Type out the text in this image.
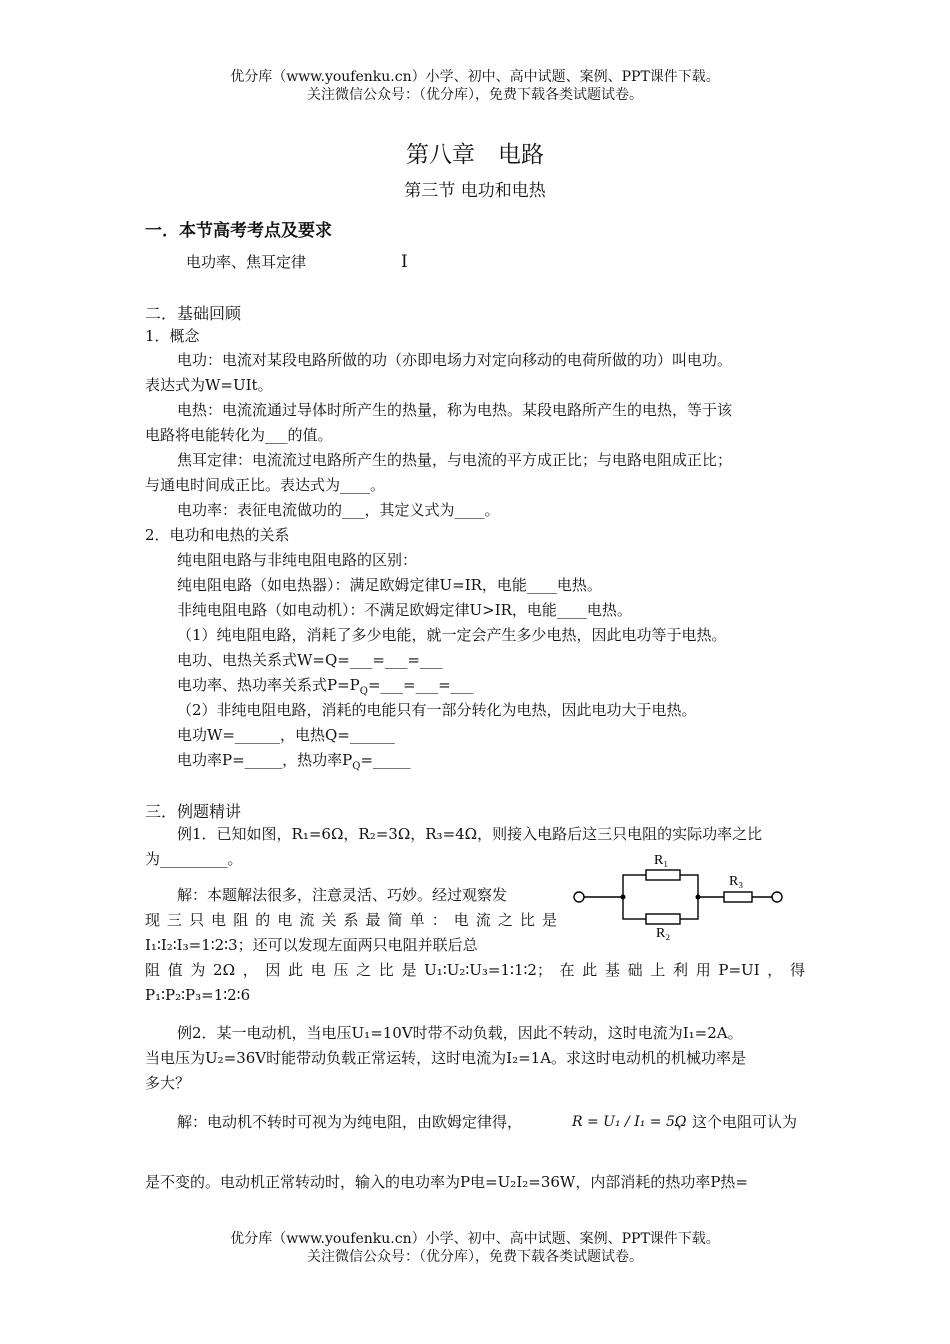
优分库（www.youfenku.cn）小学、初中、高中试题、案例、PPT课件下载。
关注微信公众号：（优分库），免费下载各类试题试卷。
第八章　电路
第三节 电功和电热
一．本节高考考点及要求
电功率、焦耳定律	Ⅰ
二．基础回顾
1．概念
电功：电流对某段电路所做的功（亦即电场力对定向移动的电荷所做的功）叫电功。
表达式为W=UIt。
电热：电流流通过导体时所产生的热量，称为电热。某段电路所产生的电热，等于该
电路将电能转化为___的值。
焦耳定律：电流流过电路所产生的热量，与电流的平方成正比；与电路电阻成正比；
与通电时间成正比。表达式为____。
电功率：表征电流做功的___，其定义式为____。
2．电功和电热的关系
纯电阻电路与非纯电阻电路的区别：
纯电阻电路（如电热器）：满足欧姆定律U=IR，电能____电热。
非纯电阻电路（如电动机）：不满足欧姆定律U>IR，电能____电热。
（1）纯电阻电路，消耗了多少电能，就一定会产生多少电热，因此电功等于电热。
电功、电热关系式W=Q=___=___=___
电功率、热功率关系式$P=P_Q=\_\_\_=\_\_\_=\_\_\_$
（2）非纯电阻电路，消耗的电能只有一部分转化为电热，因此电功大于电热。
电功W=______，电热Q=______
电功率P=_____，热功率$P_Q=\_\_\_\_\_$
三．例题精讲
例1．已知如图，R₁=6Ω，R₂=3Ω，R₃=4Ω，则接入电路后这三只电阻的实际功率之比
为_________。
解：本题解法很多，注意灵活、巧妙。经过观察发
现三只电阻的电流关系最简单：电流之比是
I₁∶I₂∶I₃=1∶2∶3；还可以发现左面两只电阻并联后总
阻值为2Ω，因此电压之比是U₁∶U₂∶U₃=1∶1∶2；在此基础上利用P=UI，得
P₁∶P₂∶P₃=1∶2∶6
R₁
R₂
R₃
例2．某一电动机，当电压U₁=10V时带不动负载，因此不转动，这时电流为I₁=2A。
当电压为U₂=36V时能带动负载正常运转，这时电流为I₂=1A。求这时电动机的机械功率是
多大？
解：电动机不转时可视为为纯电阻，由欧姆定律得，	R = U₁ / I₁ = 5Ω
，这个电阻可认为
是不变的。电动机正常转动时，输入的电功率为P电=U₂I₂=36W，内部消耗的热功率P热=
优分库（www.youfenku.cn）小学、初中、高中试题、案例、PPT课件下载。
关注微信公众号：（优分库），免费下载各类试题试卷。
